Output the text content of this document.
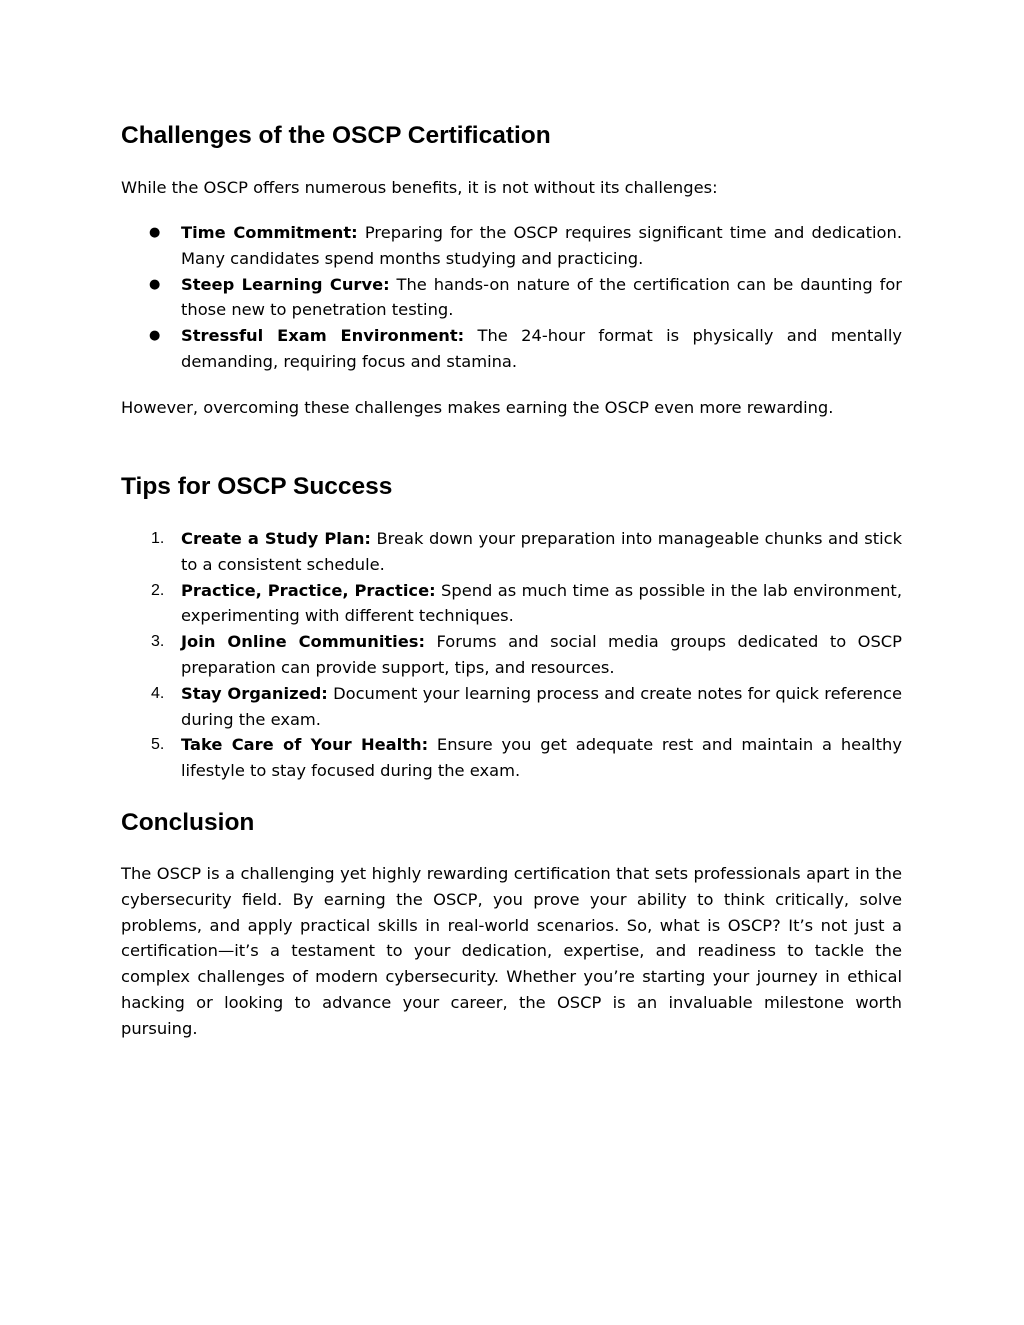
Challenges of the OSCP Certification

While the OSCP offers numerous benefits, it is not without its challenges:

● Time Commitment: Preparing for the OSCP requires significant time and dedication. Many candidates spend months studying and practicing.
● Steep Learning Curve: The hands-on nature of the certification can be daunting for those new to penetration testing.
● Stressful Exam Environment: The 24-hour format is physically and mentally demanding, requiring focus and stamina.

However, overcoming these challenges makes earning the OSCP even more rewarding.

Tips for OSCP Success
1. Create a Study Plan: Break down your preparation into manageable chunks and stick to a consistent schedule.
2. Practice, Practice, Practice: Spend as much time as possible in the lab environment, experimenting with different techniques.
3. Join Online Communities: Forums and social media groups dedicated to OSCP preparation can provide support, tips, and resources.
4. Stay Organized: Document your learning process and create notes for quick reference during the exam.
5. Take Care of Your Health: Ensure you get adequate rest and maintain a healthy lifestyle to stay focused during the exam.
Conclusion

The OSCP is a challenging yet highly rewarding certification that sets professionals apart in the cybersecurity field. By earning the OSCP, you prove your ability to think critically, solve problems, and apply practical skills in real-world scenarios. So, what is OSCP? It’s not just a certification—it’s a testament to your dedication, expertise, and readiness to tackle the complex challenges of modern cybersecurity. Whether you’re starting your journey in ethical hacking or looking to advance your career, the OSCP is an invaluable milestone worth pursuing.
